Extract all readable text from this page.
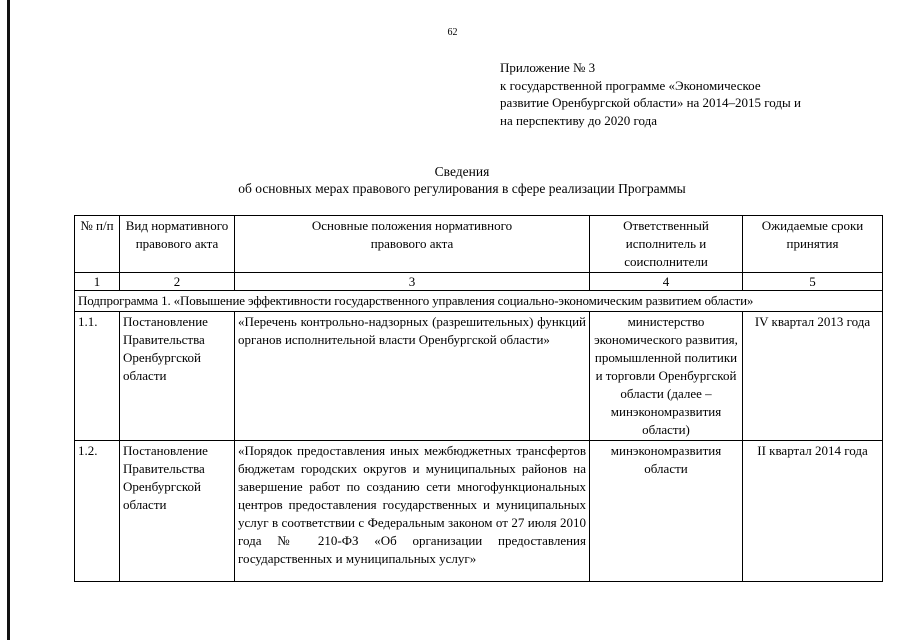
62
Приложение № 3
к государственной программе «Экономическое
развитие Оренбургской области» на 2014–2015 годы и
на перспективу до 2020 года
Сведения
об основных мерах правового регулирования в сфере реализации Программы
№ п/п	Вид нормативного правового акта	Основные положения нормативного правового акта	Ответственный исполнитель и соисполнители	Ожидаемые сроки принятия
1	2	3	4	5
Подпрограмма 1. «Повышение эффективности государственного управления социально-экономическим развитием области»				
1.1.	Постановление Правительства Оренбургской области	«Перечень контрольно-надзорных (разрешительных) функций органов исполнительной власти Оренбургской области»	министерство экономического развития, промышленной политики и торговли Оренбургской области (далее – минэкономразвития области)	IV квартал 2013 года
1.2.	Постановление Правительства Оренбургской области	«Порядок предоставления иных межбюджетных трансфертов бюджетам городских округов и муниципальных районов на завершение работ по созданию сети многофункциональных центров предоставления государственных и муниципальных услуг в соответствии с Федеральным законом от 27 июля 2010 года № 210-ФЗ «Об организации предоставления государственных и муниципальных услуг»	минэкономразвития области	II квартал 2014 года
